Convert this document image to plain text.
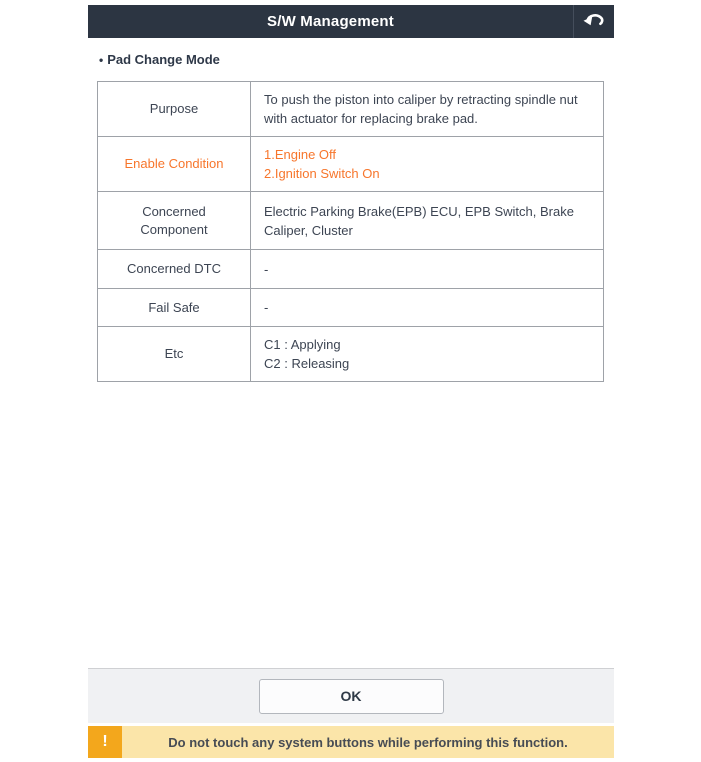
S/W Management
• Pad Change Mode
Purpose	To push the piston into caliper by retracting spindle nut
with actuator for replacing brake pad.

Enable Condition	1.Engine Off
2.Ignition Switch On

Concerned Component	Electric Parking Brake(EPB) ECU, EPB Switch, Brake
Caliper, Cluster

Concerned DTC	-

Fail Safe	-

Etc	C1 : Applying
C2 : Releasing
OK
!	Do not touch any system buttons while performing this function.
